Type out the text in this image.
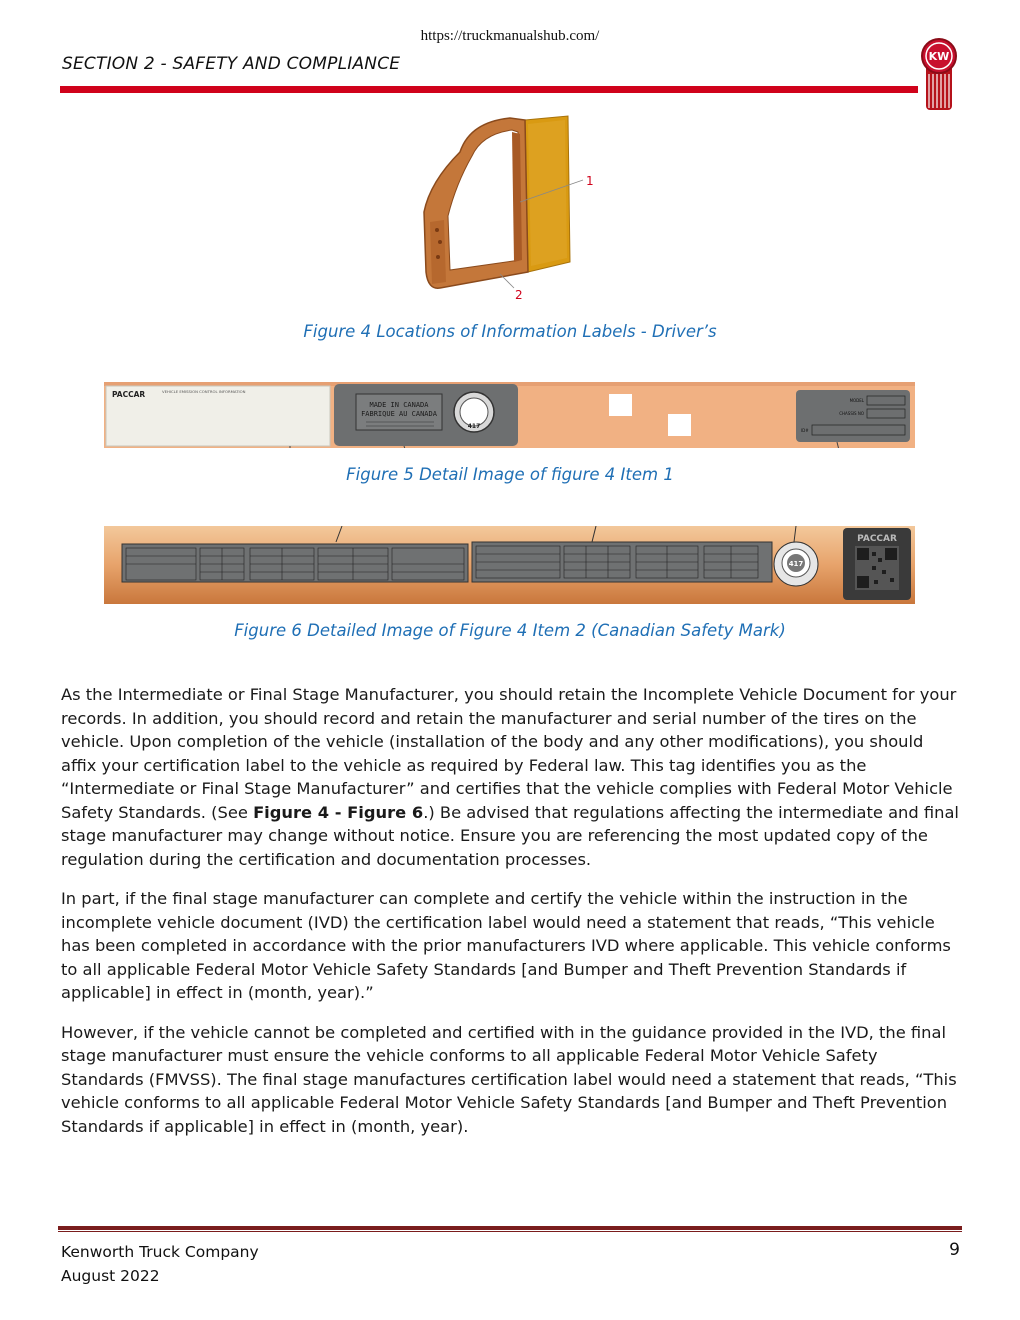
https://truckmanualshub.com/
SECTION 2 - SAFETY AND COMPLIANCE	KW
1
2
Figure 4 Locations of Information Labels - Driver’s
PACCAR	VEHICLE EMISSION CONTROL INFORMATION
MADE IN CANADA
FABRIQUE AU CANADA
417
MODEL
CHASSIS NO
ID#
Figure 5 Detail Image of figure 4 Item 1
417
PACCAR
Figure 6 Detailed Image of Figure 4 Item 2 (Canadian Safety Mark)

As the Intermediate or Final Stage Manufacturer, you should retain the Incomplete Vehicle Document for your records. In addition, you should record and retain the manufacturer and serial number of the tires on the vehicle. Upon completion of the vehicle (installation of the body and any other modifications), you should affix your certification label to the vehicle as required by Federal law. This tag identifies you as the “Intermediate or Final Stage Manufacturer” and certifies that the vehicle complies with Federal Motor Vehicle Safety Standards. (See Figure 4 - Figure 6.) Be advised that regulations affecting the intermediate and final stage manufacturer may change without notice. Ensure you are referencing the most updated copy of the regulation during the certification and documentation processes.

In part, if the final stage manufacturer can complete and certify the vehicle within the instruction in the incomplete vehicle document (IVD) the certification label would need a statement that reads, “This vehicle has been completed in accordance with the prior manufacturers IVD where applicable. This vehicle conforms to all applicable Federal Motor Vehicle Safety Standards [and Bumper and Theft Prevention Standards if applicable] in effect in (month, year).”

However, if the vehicle cannot be completed and certified with in the guidance provided in the IVD, the final stage manufacturer must ensure the vehicle conforms to all applicable Federal Motor Vehicle Safety Standards (FMVSS). The final stage manufactures certification label would need a statement that reads, “This vehicle conforms to all applicable Federal Motor Vehicle Safety Standards [and Bumper and Theft Prevention Standards if applicable] in effect in (month, year).

Kenworth Truck Company
August 2022
9
